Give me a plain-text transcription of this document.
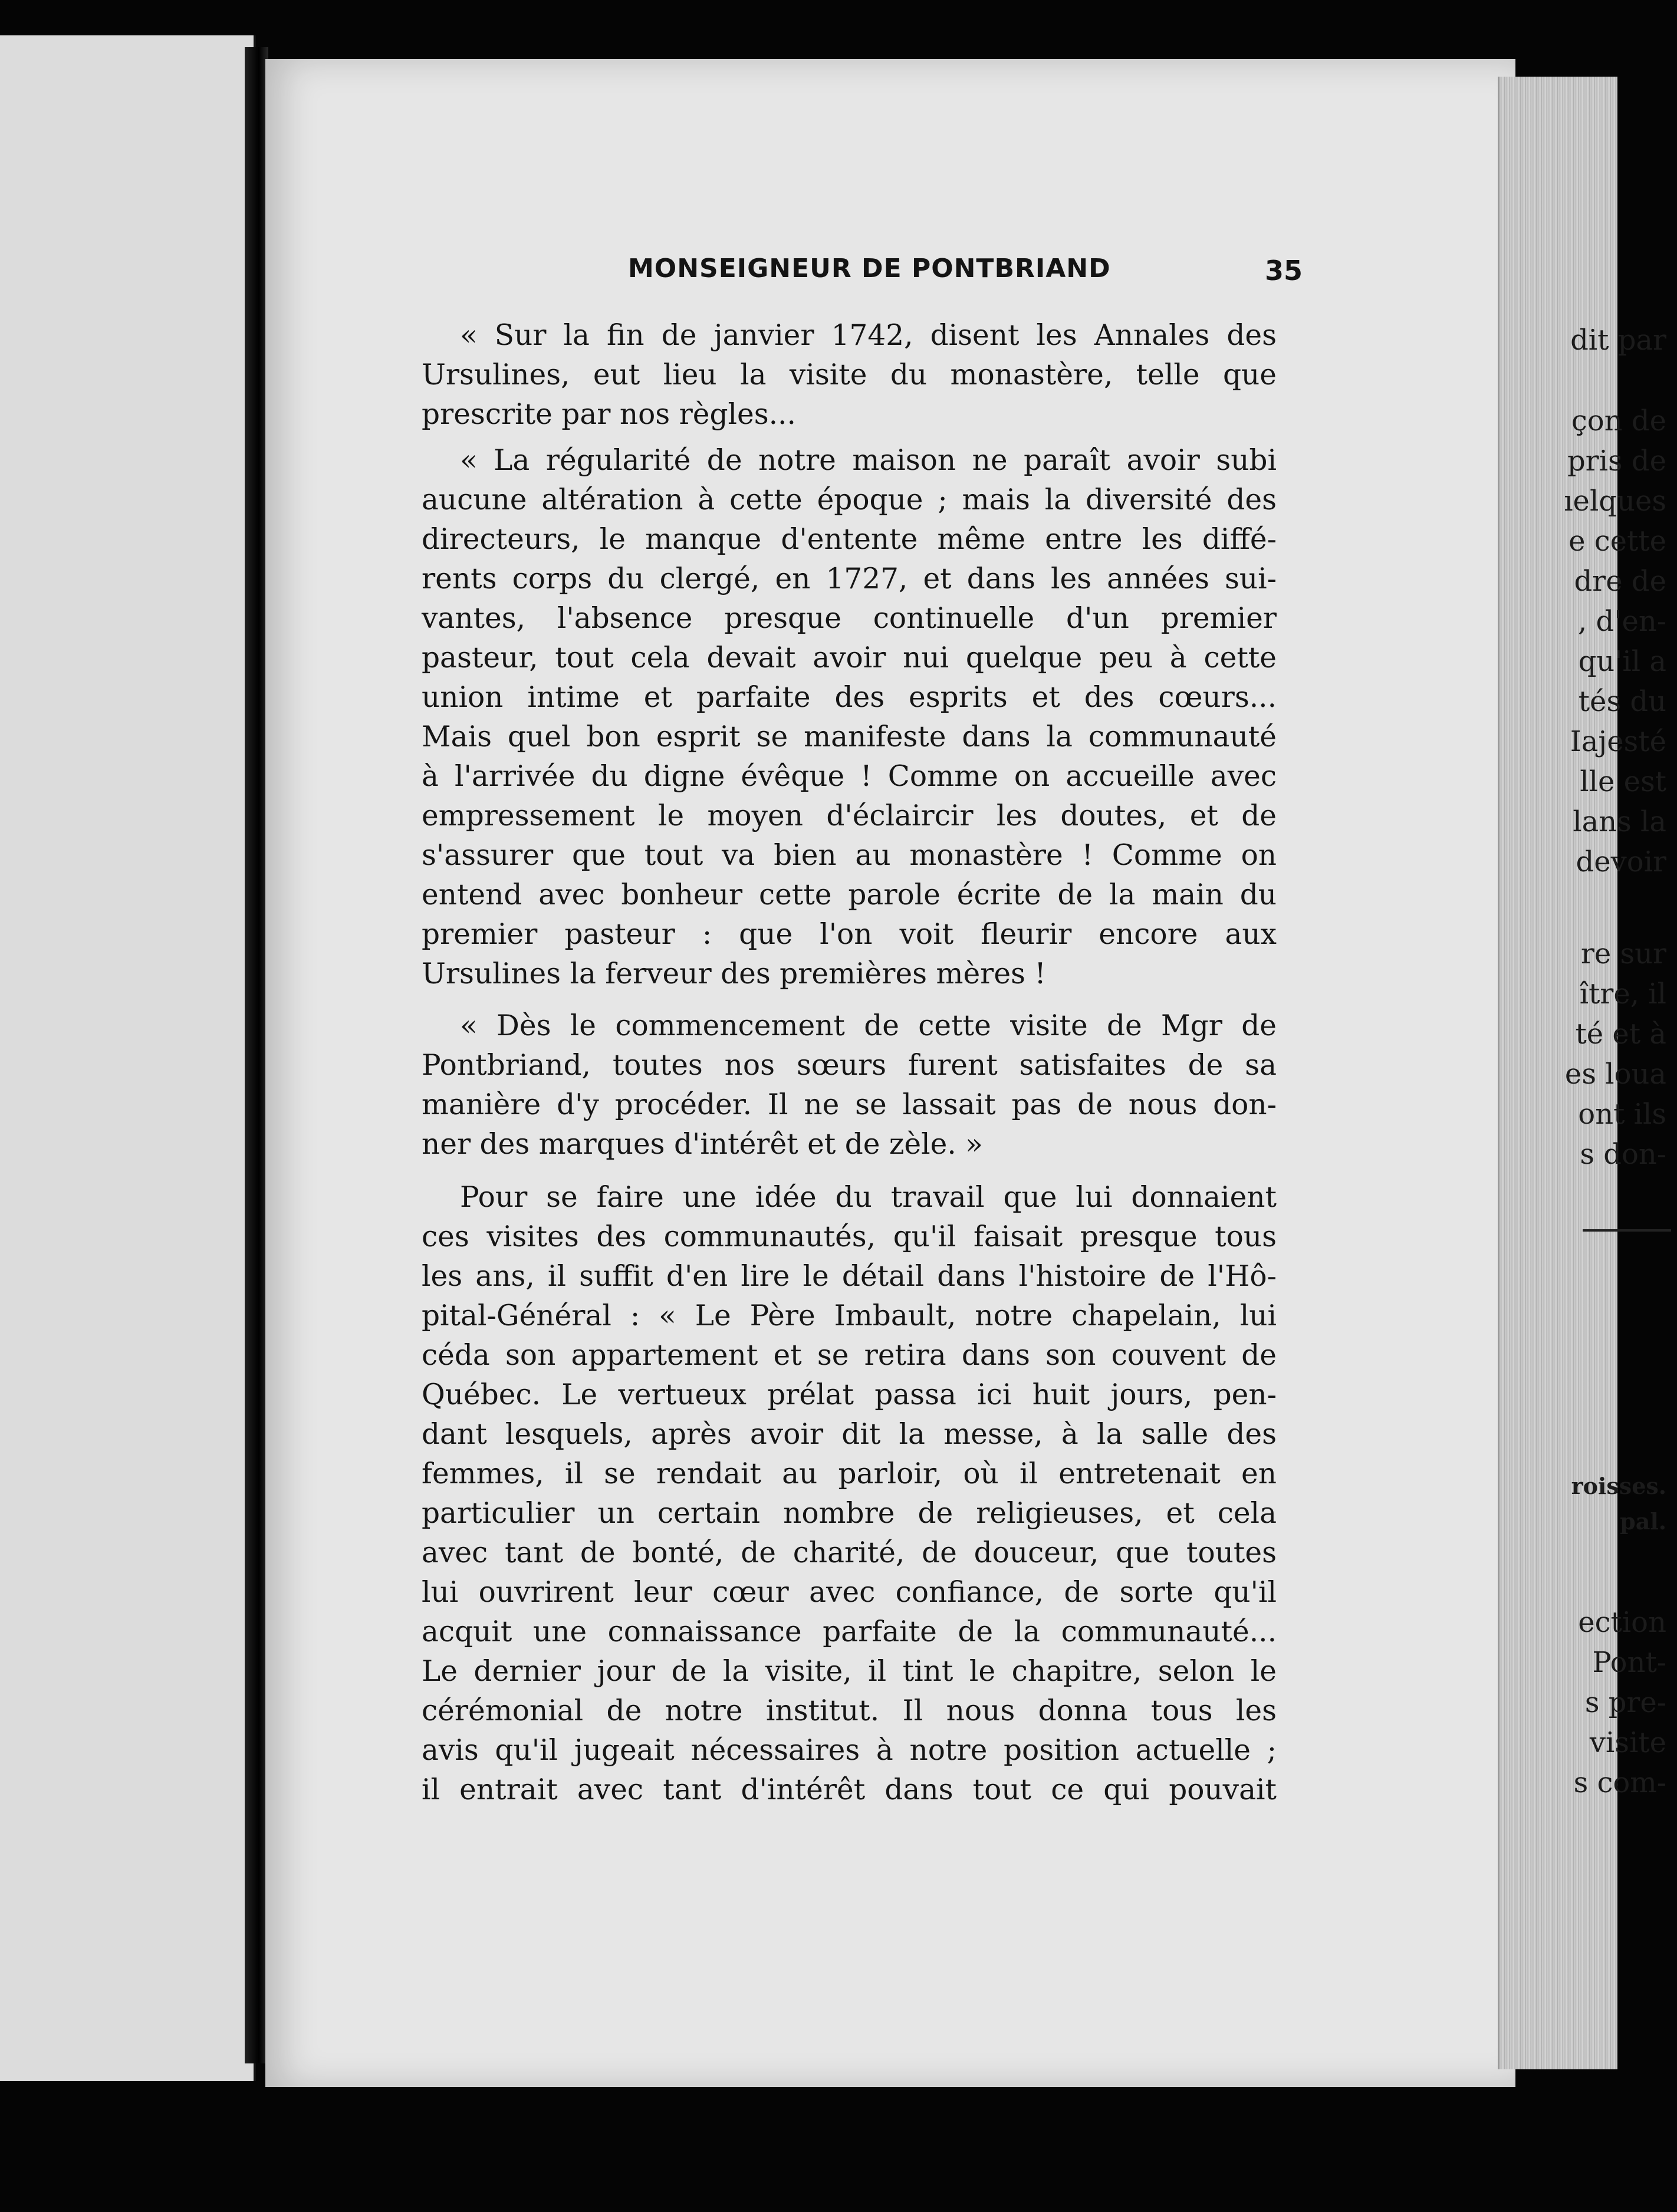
dit par
çon de
pris de
ıelques
e cette
dre de
, d'en-
qu'il a
tés du
Iajesté
lle est
lans la
devoir
re sur
ître, il
té et à
es loua
ont ils
s don-
roisses.
pal.
ection
Pont-
s pre-
visite
s com-
MONSEIGNEUR DE PONTBRIAND	35
« Sur la fin de janvier 1742, disent les Annales des
Ursulines, eut lieu la visite du monastère, telle que
prescrite par nos règles...
« La régularité de notre maison ne paraît avoir subi
aucune altération à cette époque ; mais la diversité des
directeurs, le manque d'entente même entre les diffé-
rents corps du clergé, en 1727, et dans les années sui-
vantes, l'absence presque continuelle d'un premier
pasteur, tout cela devait avoir nui quelque peu à cette
union intime et parfaite des esprits et des cœurs...
Mais quel bon esprit se manifeste dans la communauté
à l'arrivée du digne évêque ! Comme on accueille avec
empressement le moyen d'éclaircir les doutes, et de
s'assurer que tout va bien au monastère ! Comme on
entend avec bonheur cette parole écrite de la main du
premier pasteur : que l'on voit fleurir encore aux
Ursulines la ferveur des premières mères !
« Dès le commencement de cette visite de Mgr de
Pontbriand, toutes nos sœurs furent satisfaites de sa
manière d'y procéder. Il ne se lassait pas de nous don-
ner des marques d'intérêt et de zèle. »
Pour se faire une idée du travail que lui donnaient
ces visites des communautés, qu'il faisait presque tous
les ans, il suffit d'en lire le détail dans l'histoire de l'Hô-
pital-Général : « Le Père Imbault, notre chapelain, lui
céda son appartement et se retira dans son couvent de
Québec. Le vertueux prélat passa ici huit jours, pen-
dant lesquels, après avoir dit la messe, à la salle des
femmes, il se rendait au parloir, où il entretenait en
particulier un certain nombre de religieuses, et cela
avec tant de bonté, de charité, de douceur, que toutes
lui ouvrirent leur cœur avec confiance, de sorte qu'il
acquit une connaissance parfaite de la communauté...
Le dernier jour de la visite, il tint le chapitre, selon le
cérémonial de notre institut. Il nous donna tous les
avis qu'il jugeait nécessaires à notre position actuelle ;
il entrait avec tant d'intérêt dans tout ce qui pouvait
